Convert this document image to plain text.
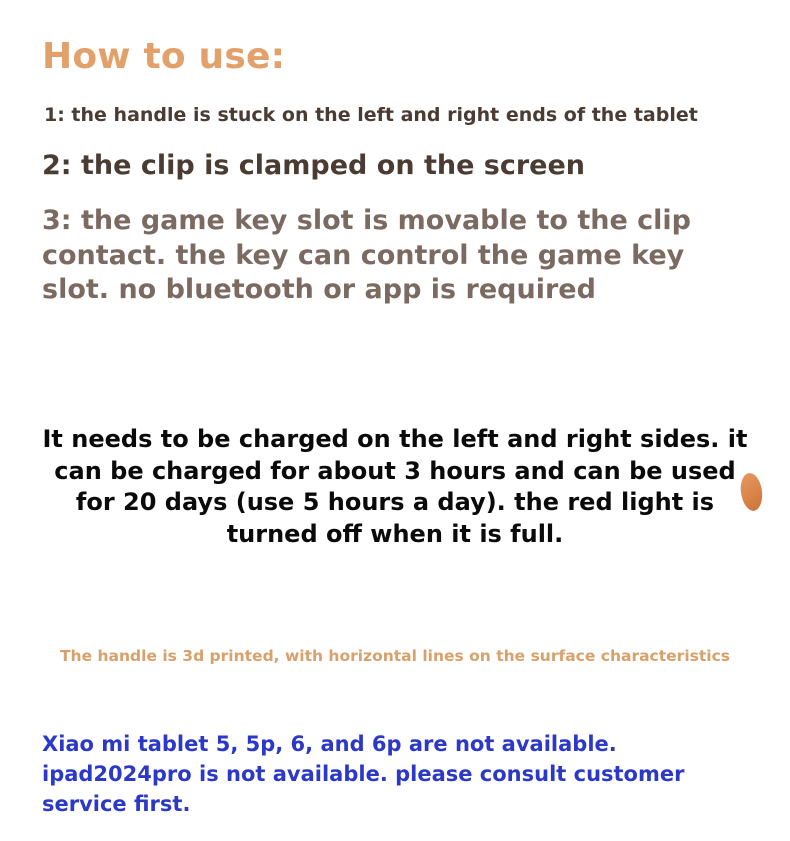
How to use:
1: the handle is stuck on the left and right ends of the tablet
2: the clip is clamped on the screen
3: the game key slot is movable to the clip contact. the key can control the game key slot. no bluetooth or app is required
It needs to be charged on the left and right sides. it can be charged for about 3 hours and can be used for 20 days (use 5 hours a day). the red light is turned off when it is full.
The handle is 3d printed, with horizontal lines on the surface characteristics
Xiao mi tablet 5, 5p, 6, and 6p are not available. ipad2024pro is not available. please consult customer service first.
